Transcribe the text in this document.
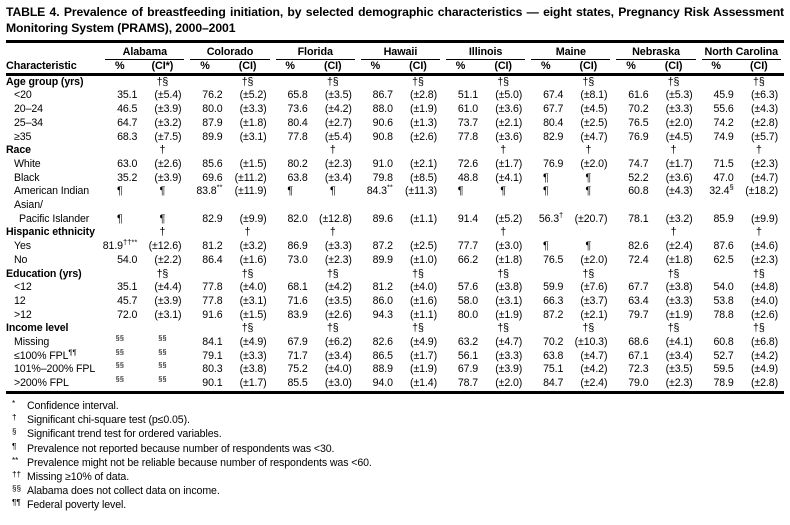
TABLE 4. Prevalence of breastfeeding initiation, by selected demographic characteristics — eight states, Pregnancy Risk Assessment Monitoring System (PRAMS), 2000–2001

	Alabama		Colorado		Florida		Hawaii		Illinois		Maine		Nebraska		North Carolina	

Characteristic	%	(CI*)	%	(CI)	%	(CI)	%	(CI)	%	(CI)	%	(CI)	%	(CI)	%	(CI)
Age group (yrs)		†§		†§		†§		†§		†§		†§		†§		†§
<20	35.1	(±5.4)	76.2	(±5.2)	65.8	(±3.5)	86.7	(±2.8)	51.1	(±5.0)	67.4	(±8.1)	61.6	(±5.3)	45.9	(±6.3)
20–24	46.5	(±3.9)	80.0	(±3.3)	73.6	(±4.2)	88.0	(±1.9)	61.0	(±3.6)	67.7	(±4.5)	70.2	(±3.3)	55.6	(±4.3)
25–34	64.7	(±3.2)	87.9	(±1.8)	80.4	(±2.7)	90.6	(±1.3)	73.7	(±2.1)	80.4	(±2.5)	76.5	(±2.0)	74.2	(±2.8)
≥35	68.3	(±7.5)	89.9	(±3.1)	77.8	(±5.4)	90.8	(±2.6)	77.8	(±3.6)	82.9	(±4.7)	76.9	(±4.5)	74.9	(±5.7)
Race		†				†				†		†		†		†
White	63.0	(±2.6)	85.6	(±1.5)	80.2	(±2.3)	91.0	(±2.1)	72.6	(±1.7)	76.9	(±2.0)	74.7	(±1.7)	71.5	(±2.3)
Black	35.2	(±3.9)	69.6	(±11.2)	63.8	(±3.4)	79.8	(±8.5)	48.8	(±4.1)	¶	¶	52.2	(±3.6)	47.0	(±4.7)
American Indian	¶	¶	83.8**	(±11.9)	¶	¶	84.3**	(±11.3)	¶	¶	¶	¶	60.8	(±4.3)	32.4§	(±18.2)
Asian/																
Pacific Islander	¶	¶	82.9	(±9.9)	82.0	(±12.8)	89.6	(±1.1)	91.4	(±5.2)	56.3†	(±20.7)	78.1	(±3.2)	85.9	(±9.9)
Hispanic ethnicity		†		†		†				†				†		†
Yes	81.9††**	(±12.6)	81.2	(±3.2)	86.9	(±3.3)	87.2	(±2.5)	77.7	(±3.0)	¶	¶	82.6	(±2.4)	87.6	(±4.6)
No	54.0	(±2.2)	86.4	(±1.6)	73.0	(±2.3)	89.9	(±1.0)	66.2	(±1.8)	76.5	(±2.0)	72.4	(±1.8)	62.5	(±2.3)
Education (yrs)		†§		†§		†§		†§		†§		†§		†§		†§
<12	35.1	(±4.4)	77.8	(±4.0)	68.1	(±4.2)	81.2	(±4.0)	57.6	(±3.8)	59.9	(±7.6)	67.7	(±3.8)	54.0	(±4.8)
12	45.7	(±3.9)	77.8	(±3.1)	71.6	(±3.5)	86.0	(±1.6)	58.0	(±3.1)	66.3	(±3.7)	63.4	(±3.3)	53.8	(±4.0)
>12	72.0	(±3.1)	91.6	(±1.5)	83.9	(±2.6)	94.3	(±1.1)	80.0	(±1.9)	87.2	(±2.1)	79.7	(±1.9)	78.8	(±2.6)
Income level				†§		†§		†§		†§		†§		†§		†§
Missing	§§	§§	84.1	(±4.9)	67.9	(±6.2)	82.6	(±4.9)	63.2	(±4.7)	70.2	(±10.3)	68.6	(±4.1)	60.8	(±6.8)
≤100% FPL¶¶	§§	§§	79.1	(±3.3)	71.7	(±3.4)	86.5	(±1.7)	56.1	(±3.3)	63.8	(±4.7)	67.1	(±3.4)	52.7	(±4.2)
101%–200% FPL	§§	§§	80.3	(±3.8)	75.2	(±4.0)	88.9	(±1.9)	67.9	(±3.9)	75.1	(±4.2)	72.3	(±3.5)	59.5	(±4.9)
>200% FPL	§§	§§	90.1	(±1.7)	85.5	(±3.0)	94.0	(±1.4)	78.7	(±2.0)	84.7	(±2.4)	79.0	(±2.3)	78.9	(±2.8)
* Confidence interval.
† Significant chi-square test (p≤0.05).
§ Significant trend test for ordered variables.
¶ Prevalence not reported because number of respondents was <30.
** Prevalence might not be reliable because number of respondents was <60.
†† Missing ≥10% of data.
§§ Alabama does not collect data on income.
¶¶ Federal poverty level.
